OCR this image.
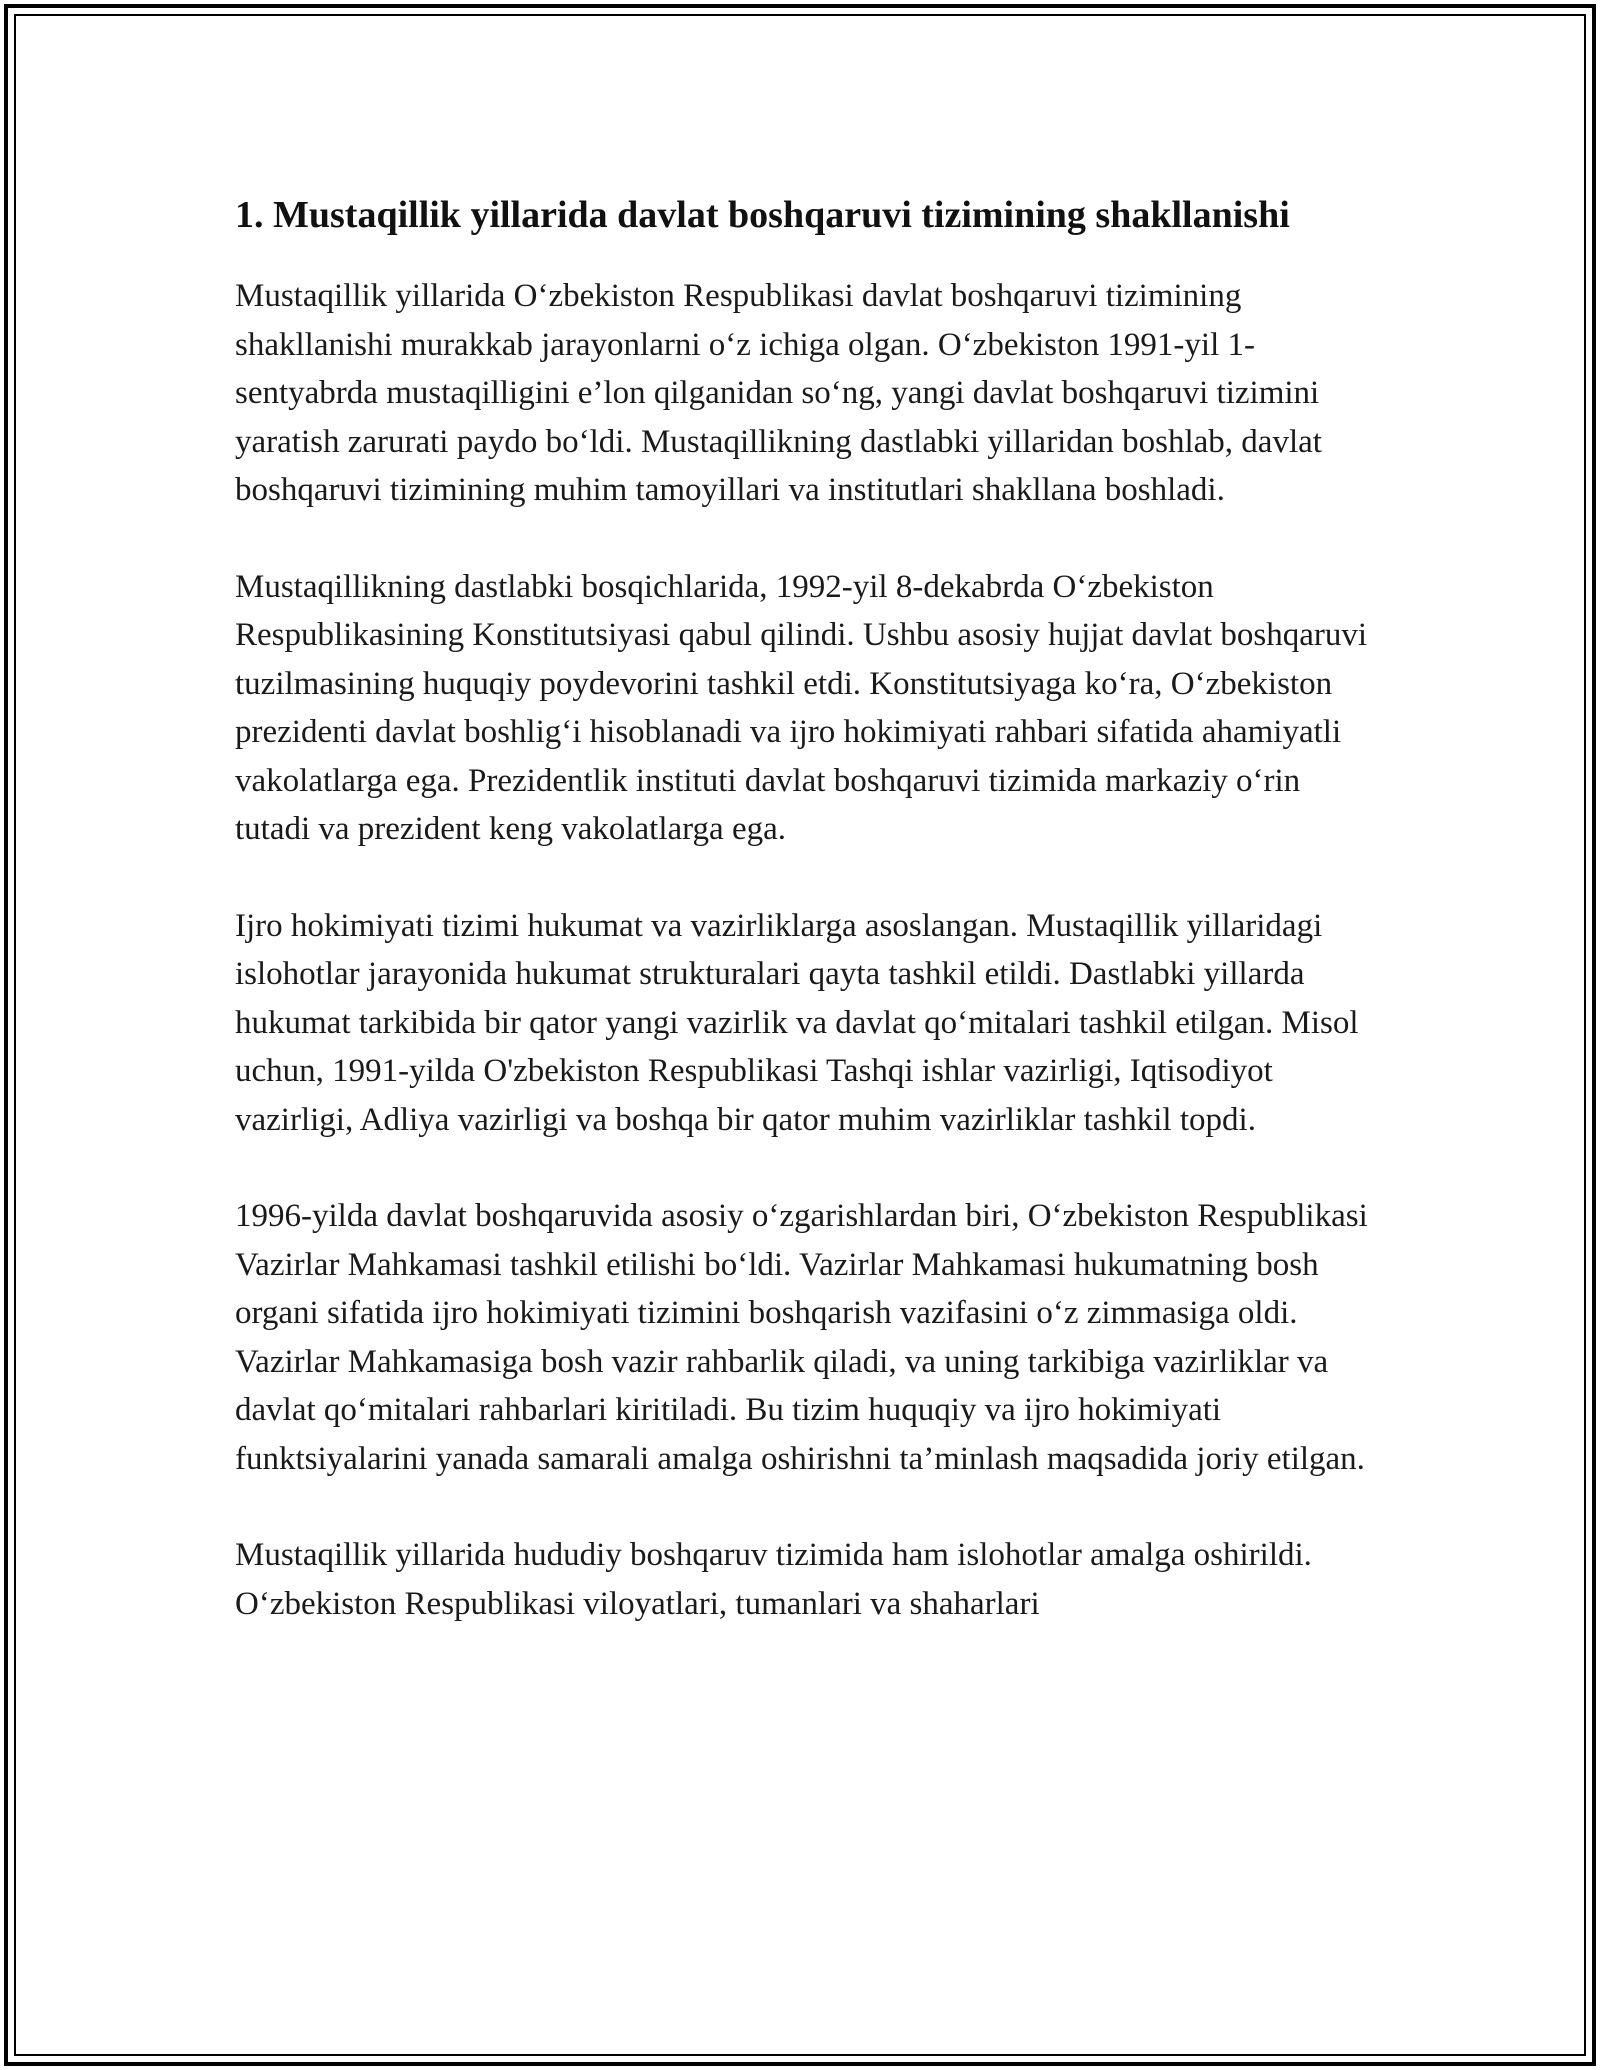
1. Mustaqillik yillarida davlat boshqaruvi tizimining shakllanishi

Mustaqillik yillarida O‘zbekiston Respublikasi davlat boshqaruvi tizimining shakllanishi murakkab jarayonlarni o‘z ichiga olgan. O‘zbekiston 1991-yil 1-sentyabrda mustaqilligini e’lon qilganidan so‘ng, yangi davlat boshqaruvi tizimini yaratish zarurati paydo bo‘ldi. Mustaqillikning dastlabki yillaridan boshlab, davlat boshqaruvi tizimining muhim tamoyillari va institutlari shakllana boshladi.

Mustaqillikning dastlabki bosqichlarida, 1992-yil 8-dekabrda O‘zbekiston Respublikasining Konstitutsiyasi qabul qilindi. Ushbu asosiy hujjat davlat boshqaruvi tuzilmasining huquqiy poydevorini tashkil etdi. Konstitutsiyaga ko‘ra, O‘zbekiston prezidenti davlat boshlig‘i hisoblanadi va ijro hokimiyati rahbari sifatida ahamiyatli vakolatlarga ega. Prezidentlik instituti davlat boshqaruvi tizimida markaziy o‘rin tutadi va prezident keng vakolatlarga ega.

Ijro hokimiyati tizimi hukumat va vazirliklarga asoslangan. Mustaqillik yillaridagi islohotlar jarayonida hukumat strukturalari qayta tashkil etildi. Dastlabki yillarda hukumat tarkibida bir qator yangi vazirlik va davlat qo‘mitalari tashkil etilgan. Misol uchun, 1991-yilda O'zbekiston Respublikasi Tashqi ishlar vazirligi, Iqtisodiyot vazirligi, Adliya vazirligi va boshqa bir qator muhim vazirliklar tashkil topdi.

1996-yilda davlat boshqaruvida asosiy o‘zgarishlardan biri, O‘zbekiston Respublikasi Vazirlar Mahkamasi tashkil etilishi bo‘ldi. Vazirlar Mahkamasi hukumatning bosh organi sifatida ijro hokimiyati tizimini boshqarish vazifasini o‘z zimmasiga oldi. Vazirlar Mahkamasiga bosh vazir rahbarlik qiladi, va uning tarkibiga vazirliklar va davlat qo‘mitalari rahbarlari kiritiladi. Bu tizim huquqiy va ijro hokimiyati funktsiyalarini yanada samarali amalga oshirishni ta’minlash maqsadida joriy etilgan.

Mustaqillik yillarida hududiy boshqaruv tizimida ham islohotlar amalga oshirildi. O‘zbekiston Respublikasi viloyatlari, tumanlari va shaharlari
